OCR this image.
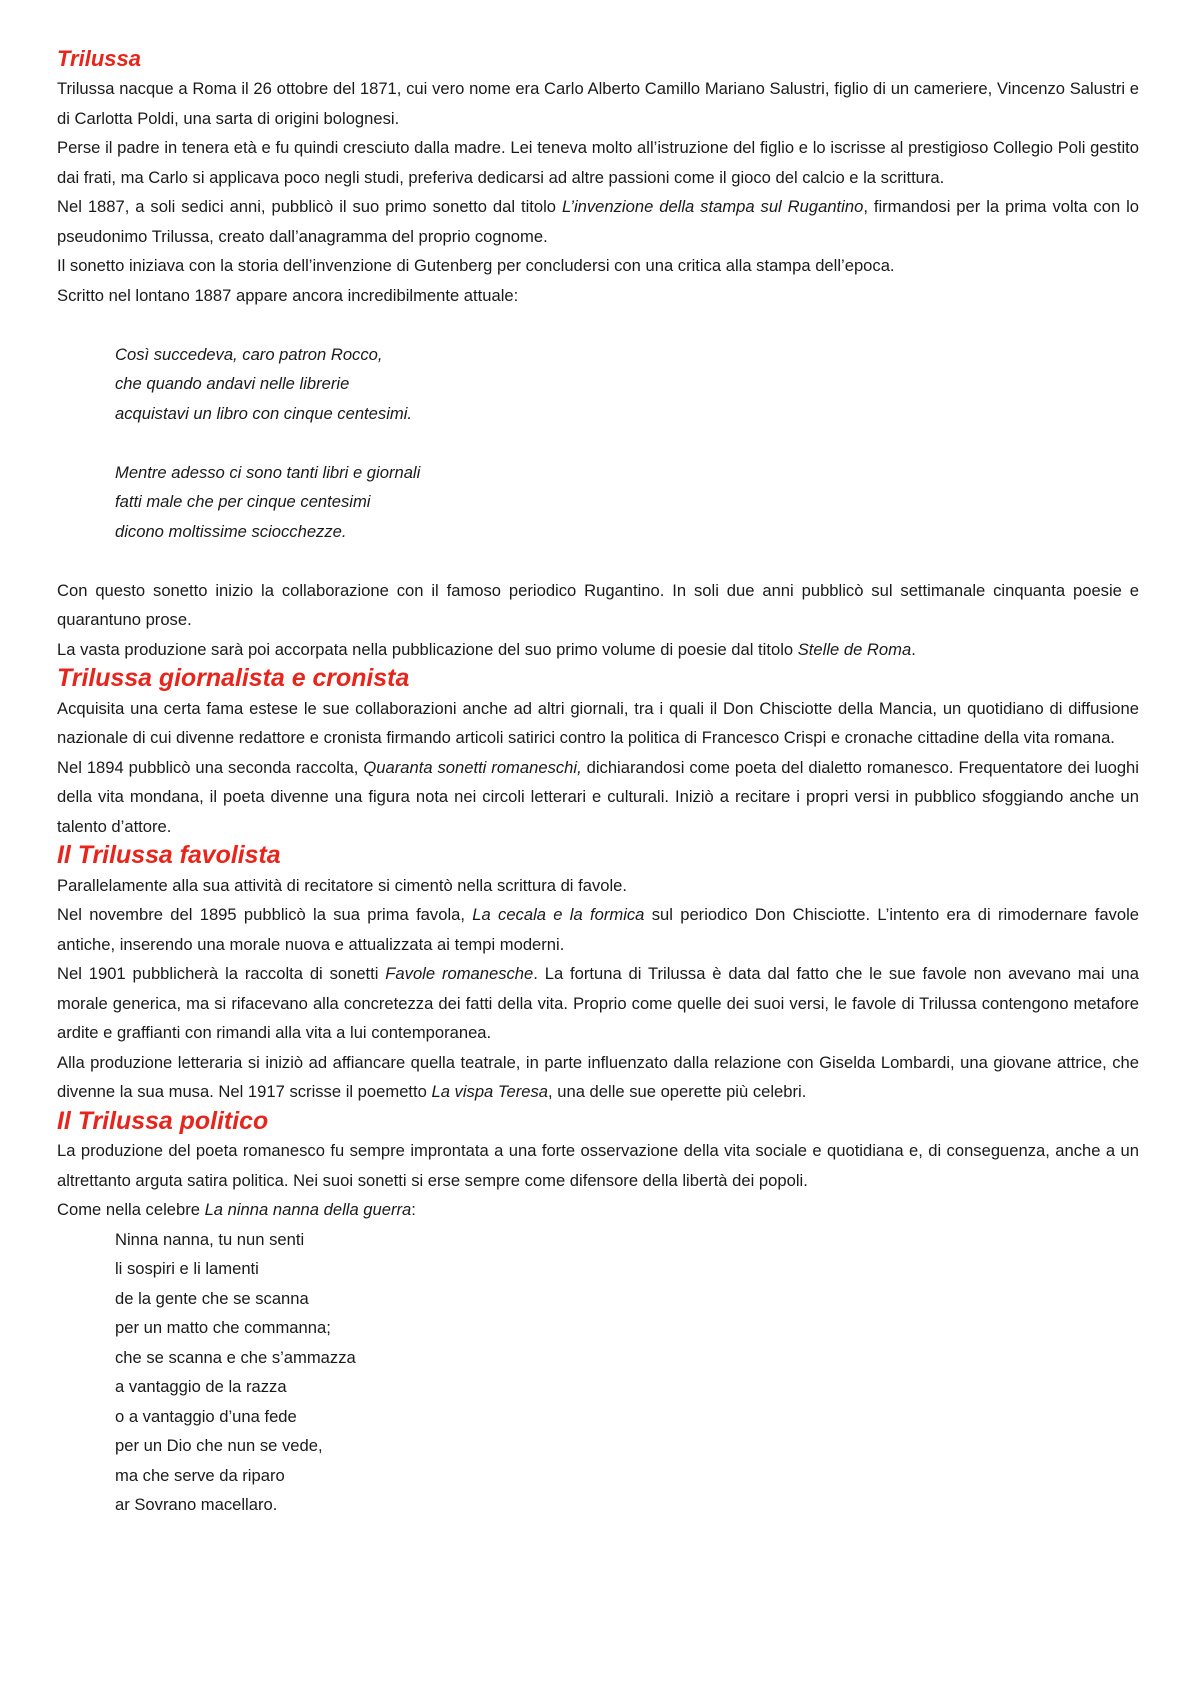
Trilussa

Trilussa nacque a Roma il 26 ottobre del 1871, cui vero nome era Carlo Alberto Camillo Mariano Salustri, figlio di un cameriere, Vincenzo Salustri e di Carlotta Poldi, una sarta di origini bolognesi.

Perse il padre in tenera età e fu quindi cresciuto dalla madre. Lei teneva molto all’istruzione del figlio e lo iscrisse al prestigioso Collegio Poli gestito dai frati, ma Carlo si applicava poco negli studi, preferiva dedicarsi ad altre passioni come il gioco del calcio e la scrittura.

Nel 1887, a soli sedici anni, pubblicò il suo primo sonetto dal titolo L’invenzione della stampa sul Rugantino, firmandosi per la prima volta con lo pseudonimo Trilussa, creato dall’anagramma del proprio cognome.

Il sonetto iniziava con la storia dell’invenzione di Gutenberg per concludersi con una critica alla stampa dell’epoca.

Scritto nel lontano 1887 appare ancora incredibilmente attuale:

Così succedeva, caro patron Rocco,
che quando andavi nelle librerie
acquistavi un libro con cinque centesimi.
Mentre adesso ci sono tanti libri e giornali
fatti male che per cinque centesimi
dicono moltissime sciocchezze.

Con questo sonetto inizio la collaborazione con il famoso periodico Rugantino. In soli due anni pubblicò sul settimanale cinquanta poesie e quarantuno prose.

La vasta produzione sarà poi accorpata nella pubblicazione del suo primo volume di poesie dal titolo Stelle de Roma.

Trilussa giornalista e cronista

Acquisita una certa fama estese le sue collaborazioni anche ad altri giornali, tra i quali il Don Chisciotte della Mancia, un quotidiano di diffusione nazionale di cui divenne redattore e cronista firmando articoli satirici contro la politica di Francesco Crispi e cronache cittadine della vita romana.

Nel 1894 pubblicò una seconda raccolta, Quaranta sonetti romaneschi, dichiarandosi come poeta del dialetto romanesco. Frequentatore dei luoghi della vita mondana, il poeta divenne una figura nota nei circoli letterari e culturali. Iniziò a recitare i propri versi in pubblico sfoggiando anche un talento d’attore.

Il Trilussa favolista

Parallelamente alla sua attività di recitatore si cimentò nella scrittura di favole.

Nel novembre del 1895 pubblicò la sua prima favola, La cecala e la formica sul periodico Don Chisciotte. L’intento era di rimodernare favole antiche, inserendo una morale nuova e attualizzata ai tempi moderni.

Nel 1901 pubblicherà la raccolta di sonetti Favole romanesche. La fortuna di Trilussa è data dal fatto che le sue favole non avevano mai una morale generica, ma si rifacevano alla concretezza dei fatti della vita. Proprio come quelle dei suoi versi, le favole di Trilussa contengono metafore ardite e graffianti con rimandi alla vita a lui contemporanea.

Alla produzione letteraria si iniziò ad affiancare quella teatrale, in parte influenzato dalla relazione con Giselda Lombardi, una giovane attrice, che divenne la sua musa. Nel 1917 scrisse il poemetto La vispa Teresa, una delle sue operette più celebri.

Il Trilussa politico

La produzione del poeta romanesco fu sempre improntata a una forte osservazione della vita sociale e quotidiana e, di conseguenza, anche a un altrettanto arguta satira politica. Nei suoi sonetti si erse sempre come difensore della libertà dei popoli.

Come nella celebre La ninna nanna della guerra:

Ninna nanna, tu nun senti
li sospiri e li lamenti
de la gente che se scanna
per un matto che commanna;
che se scanna e che s’ammazza
a vantaggio de la razza
o a vantaggio d’una fede
per un Dio che nun se vede,
ma che serve da riparo
ar Sovrano macellaro.
